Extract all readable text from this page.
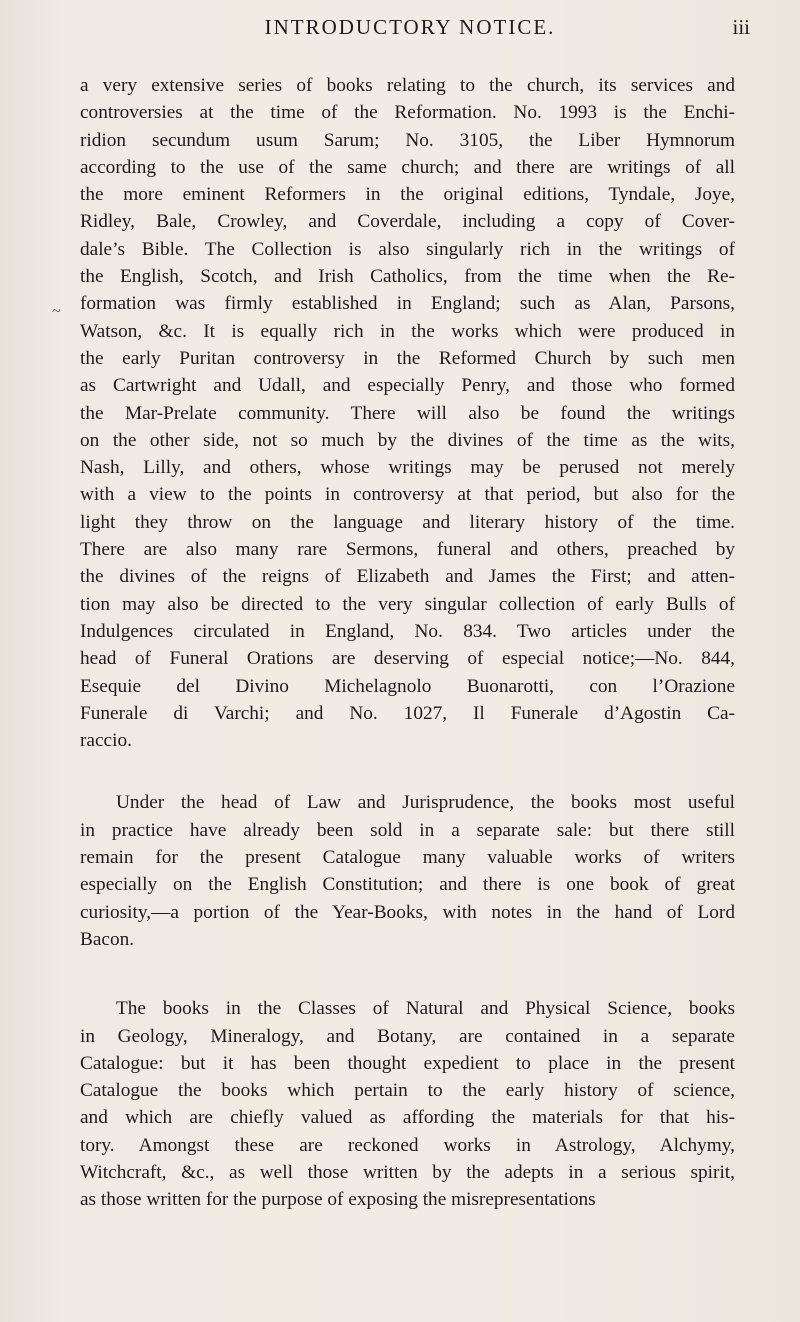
INTRODUCTORY NOTICE.	iii
~

a very extensive series of books relating to the church, its services and
controversies at the time of the Reformation. No. 1993 is the Enchi-
ridion secundum usum Sarum; No. 3105, the Liber Hymnorum
according to the use of the same church; and there are writings of all
the more eminent Reformers in the original editions, Tyndale, Joye,
Ridley, Bale, Crowley, and Coverdale, including a copy of Cover-
dale’s Bible. The Collection is also singularly rich in the writings of
the English, Scotch, and Irish Catholics, from the time when the Re-
formation was firmly established in England; such as Alan, Parsons,
Watson, &c. It is equally rich in the works which were produced in
the early Puritan controversy in the Reformed Church by such men
as Cartwright and Udall, and especially Penry, and those who formed
the Mar-Prelate community. There will also be found the writings
on the other side, not so much by the divines of the time as the wits,
Nash, Lilly, and others, whose writings may be perused not merely
with a view to the points in controversy at that period, but also for the
light they throw on the language and literary history of the time.
There are also many rare Sermons, funeral and others, preached by
the divines of the reigns of Elizabeth and James the First; and atten-
tion may also be directed to the very singular collection of early Bulls of
Indulgences circulated in England, No. 834. Two articles under the
head of Funeral Orations are deserving of especial notice;—No. 844,
Esequie del Divino Michelagnolo Buonarotti, con l’Orazione
Funerale di Varchi; and No. 1027, Il Funerale d’Agostin Ca-
raccio.

Under the head of Law and Jurisprudence, the books most useful
in practice have already been sold in a separate sale: but there still
remain for the present Catalogue many valuable works of writers
especially on the English Constitution; and there is one book of great
curiosity,—a portion of the Year-Books, with notes in the hand of Lord
Bacon.

The books in the Classes of Natural and Physical Science, books
in Geology, Mineralogy, and Botany, are contained in a separate
Catalogue: but it has been thought expedient to place in the present
Catalogue the books which pertain to the early history of science,
and which are chiefly valued as affording the materials for that his-
tory. Amongst these are reckoned works in Astrology, Alchymy,
Witchcraft, &c., as well those written by the adepts in a serious spirit,
as those written for the purpose of exposing the misrepresentations
